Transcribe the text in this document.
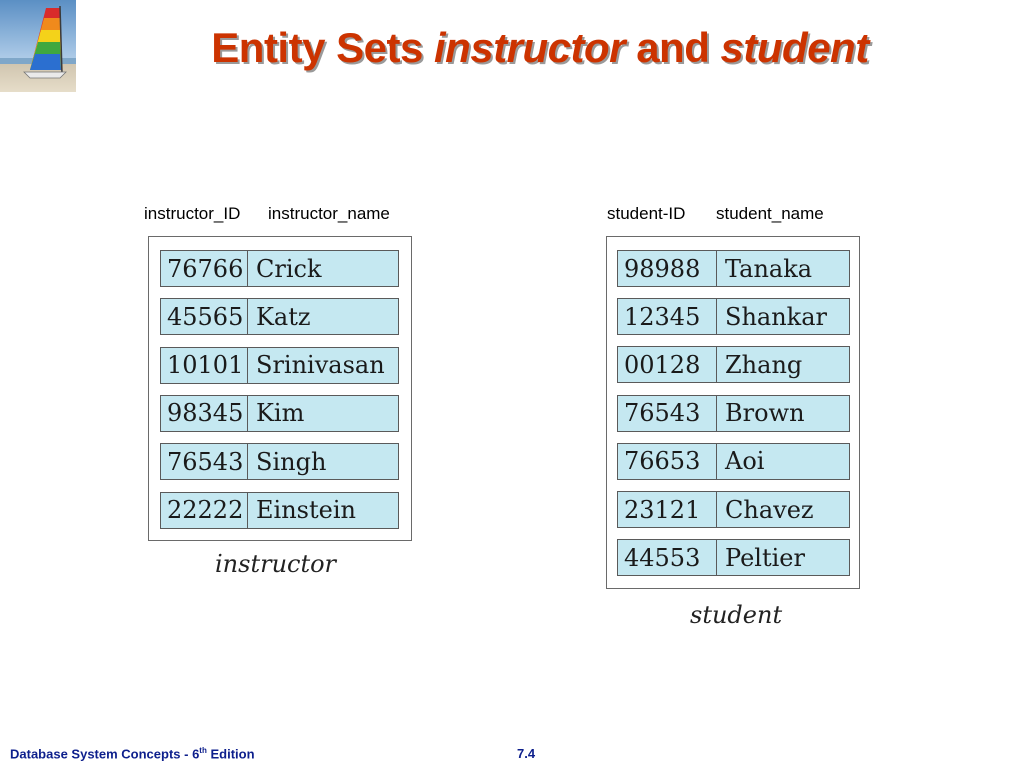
Entity Sets instructor and student
instructor_ID instructor_name
76766 Crick
45565 Katz
10101 Srinivasan
98345 Kim
76543 Singh
22222 Einstein
instructor
student-ID student_name
98988	Tanaka
12345	Shankar
00128	Zhang
76543	Brown
76653	Aoi
23121	Chavez
44553	Peltier
student
Database System Concepts - 6th Edition	7.4
